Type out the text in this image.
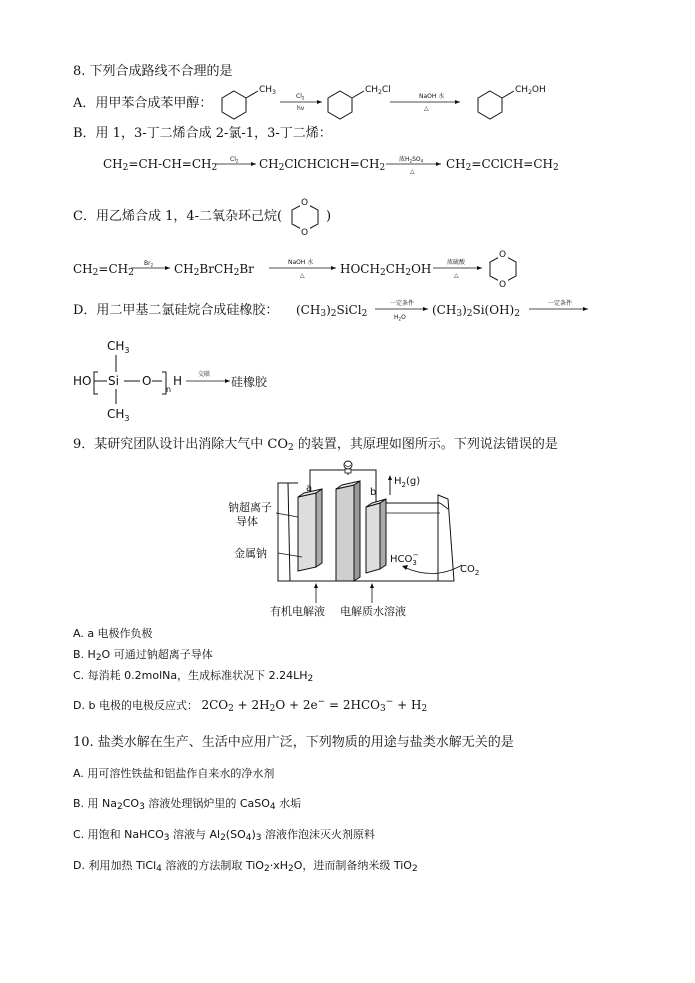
8. 下列合成路线不合理的是
A．用甲苯合成苯甲醇：
$CH_3$
$Cl_2$
hν
$CH_2Cl$
NaOH 水
△
$CH_2OH$
B．用 1，3-丁二烯合成 2-氯-1，3-丁二烯：
$CH_2=CH-CH=CH_2$
$Cl_2$ $CH_2ClCHClCH=CH_2$
浓$H_2SO_4$
△
$CH_2=CClCH=CH_2$
C．用乙烯合成 1，4-二氧杂环己烷(
O
O
)
$CH_2=CH_2$
$Br_2$ $CH_2BrCH_2Br$	NaOH 水
△	$HOCH_2CH_2OH$	浓硫酸
△
O
O
D．用二甲基二氯硅烷合成硅橡胶： $(CH_3)_2SiCl_2$
一定条件
$H_2O$
$(CH_3)_2Si(OH)_2$
一定条件
$CH_3$
HO Si O
n
H
$CH_3$
交联
硅橡胶
9．某研究团队设计出消除大气中 $CO_2$ 的装置，其原理如图所示。下列说法错误的是
a	b
$H_2(g)$
钠超离子
导体
金属钠	$HCO_3-$
$CO_2$
有机电解液 电解质水溶液
A. a 电极作负极
B. $H_2O$ 可通过钠超离子导体
C. 每消耗 0.2molNa，生成标准状况下 $2.24LH_2$
D. b 电极的电极反应式： $2CO_2 + 2H_2O + 2e^- = 2HCO_3^- + H_2$
10. 盐类水解在生产、生活中应用广泛，下列物质的用途与盐类水解无关的是
A. 用可溶性铁盐和铝盐作自来水的净水剂
B. 用 $Na_2CO_3$ 溶液处理锅炉里的 CaSO$_4$ 水垢
C. 用饱和 NaHCO$_3$ 溶液与 $Al_2(SO_4)_3$ 溶液作泡沫灭火剂原料
D. 利用加热 TiCl$_4$ 溶液的方法制取 $TiO_2\cdot xH_2O$，进而制备纳米级 TiO$_2$
